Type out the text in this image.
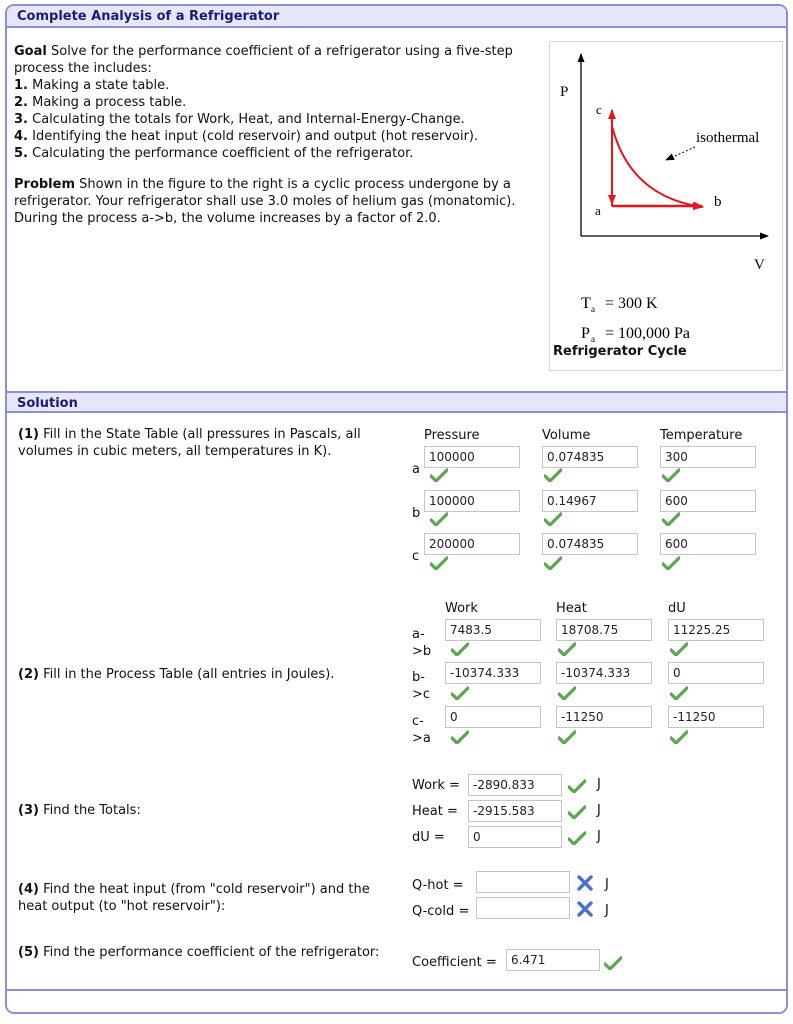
Complete Analysis of a Refrigerator

Goal Solve for the performance coefficient of a refrigerator using a five-step process the includes:

1. Making a state table.

2. Making a process table.

3. Calculating the totals for Work, Heat, and Internal-Energy-Change.

4. Identifying the heat input (cold reservoir) and output (hot reservoir).

5. Calculating the performance coefficient of the refrigerator.

Problem Shown in the figure to the right is a cyclic process undergone by a refrigerator. Your refrigerator shall use 3.0 moles of helium gas (monatomic). During the process a->b, the volume increases by a factor of 2.0.
P
V
a
b
c
isothermal
T a = 300 K
P a = 100,000 Pa
Refrigerator Cycle
Solution
(1) Fill in the State Table (all pressures in Pascals, all volumes in cubic meters, all temperatures in K).
Pressure	Volume	Temperature
a
100000	0.074835	300
b
100000	0.14967	600
c
200000	0.074835	600
(2) Fill in the Process Table (all entries in Joules).
Work	Heat	dU
a-
>b
7483.5	18708.75	11225.25
b-
>c
-10374.333	-10374.333	0
c-
>a
0	-11250	-11250
(3) Find the Totals:
Work =	-2890.833	J
Heat =	-2915.583	J
dU =	0	J
(4) Find the heat input (from "cold reservoir") and the heat output (to "hot reservoir"):
Q-hot =	J
Q-cold =	J
(5) Find the performance coefficient of the refrigerator:
Coefficient =	6.471
